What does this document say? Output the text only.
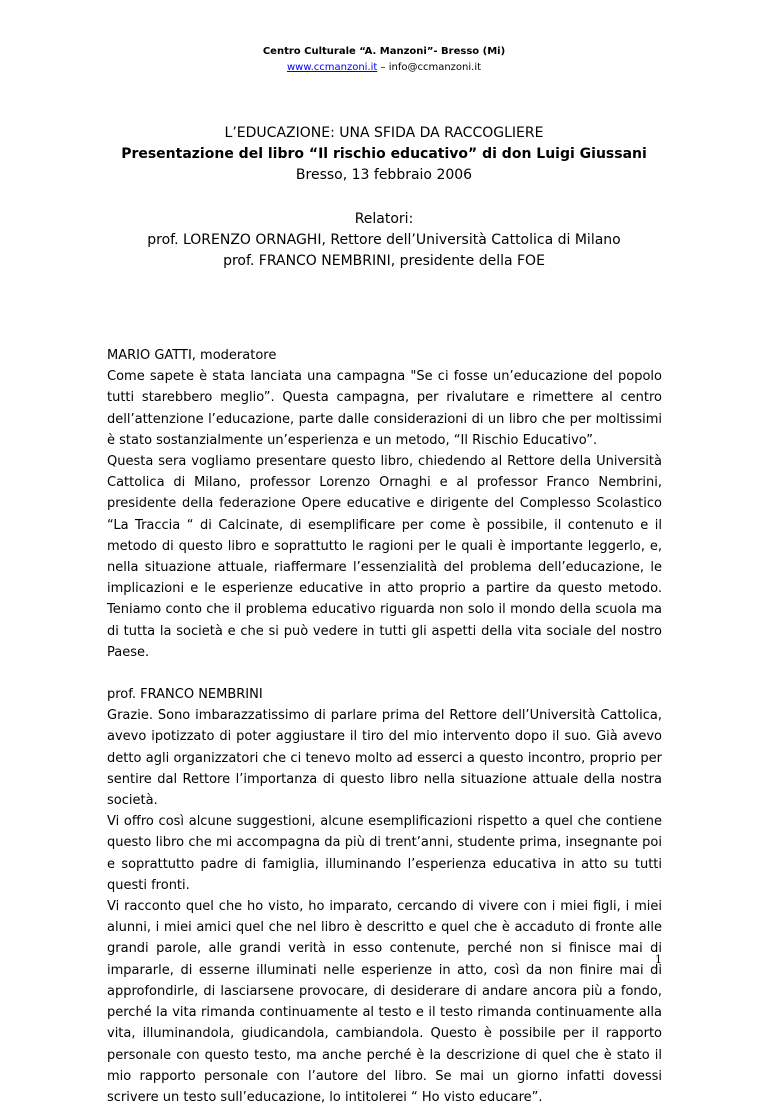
Centro Culturale “A. Manzoni”- Bresso (Mi)
www.ccmanzoni.it – info@ccmanzoni.it
L’EDUCAZIONE: UNA SFIDA DA RACCOGLIERE
Presentazione del libro “Il rischio educativo” di don Luigi Giussani
Bresso, 13 febbraio 2006
Relatori:
prof. LORENZO ORNAGHI, Rettore dell’Università Cattolica di Milano
prof. FRANCO NEMBRINI, presidente della FOE

MARIO GATTI, moderatore

Come sapete è stata lanciata una campagna "Se ci fosse un’educazione del popolo tutti starebbero meglio”. Questa campagna, per rivalutare e rimettere al centro dell’attenzione l’educazione, parte dalle considerazioni di un libro che per moltissimi è stato sostanzialmente un’esperienza e un metodo, “Il Rischio Educativo”.

Questa sera vogliamo presentare questo libro, chiedendo al Rettore della Università Cattolica di Milano, professor Lorenzo Ornaghi e al professor Franco Nembrini, presidente della federazione Opere educative e dirigente del Complesso Scolastico “La Traccia “ di Calcinate, di esemplificare per come è possibile, il contenuto e il metodo di questo libro e soprattutto le ragioni per le quali è importante leggerlo, e, nella situazione attuale, riaffermare l’essenzialità del problema dell’educazione, le implicazioni e le esperienze educative in atto proprio a partire da questo metodo. Teniamo conto che il problema educativo riguarda non solo il mondo della scuola ma di tutta la società e che si può vedere in tutti gli aspetti della vita sociale del nostro Paese.

prof. FRANCO NEMBRINI

Grazie. Sono imbarazzatissimo di parlare prima del Rettore dell’Università Cattolica, avevo ipotizzato di poter aggiustare il tiro del mio intervento dopo il suo. Già avevo detto agli organizzatori che ci tenevo molto ad esserci a questo incontro, proprio per sentire dal Rettore l’importanza di questo libro nella situazione attuale della nostra società.

Vi offro così alcune suggestioni, alcune esemplificazioni rispetto a quel che contiene questo libro che mi accompagna da più di trent’anni, studente prima, insegnante poi e soprattutto padre di famiglia, illuminando l’esperienza educativa in atto su tutti questi fronti.

Vi racconto quel che ho visto, ho imparato, cercando di vivere con i miei figli, i miei alunni, i miei amici quel che nel libro è descritto e quel che è accaduto di fronte alle grandi parole, alle grandi verità in esso contenute, perché non si finisce mai di impararle, di esserne illuminati nelle esperienze in atto, così da non finire mai di approfondirle, di lasciarsene provocare, di desiderare di andare ancora più a fondo, perché la vita rimanda continuamente al testo e il testo rimanda continuamente alla vita, illuminandola, giudicandola, cambiandola. Questo è possibile per il rapporto personale con questo testo, ma anche perché è la descrizione di quel che è stato il mio rapporto personale con l’autore del libro. Se mai un giorno infatti dovessi scrivere un testo sull’educazione, lo intitolerei “ Ho visto educare”.

1
